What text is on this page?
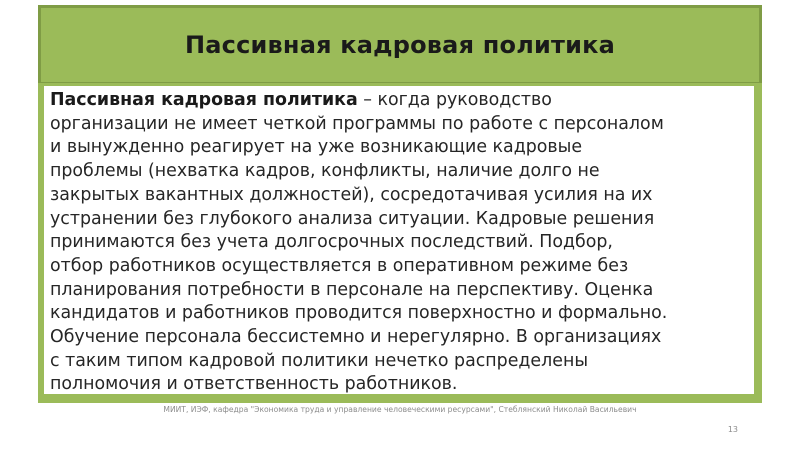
Пассивная кадровая политика

Пассивная кадровая политика – когда руководство
организации не имеет четкой программы по работе с персоналом
и вынужденно реагирует на уже возникающие кадровые
проблемы (нехватка кадров, конфликты, наличие долго не
закрытых вакантных должностей), сосредотачивая усилия на их
устранении без глубокого анализа ситуации. Кадровые решения
принимаются без учета долгосрочных последствий. Подбор,
отбор работников осуществляется в оперативном режиме без
планирования потребности в персонале на перспективу. Оценка
кандидатов и работников проводится поверхностно и формально.
Обучение персонала бессистемно и нерегулярно. В организациях
с таким типом кадровой политики нечетко распределены
полномочия и ответственность работников.

МИИТ, ИЭФ, кафедра "Экономика труда и управление человеческими ресурсами", Стеблянский Николай Васильевич
13
